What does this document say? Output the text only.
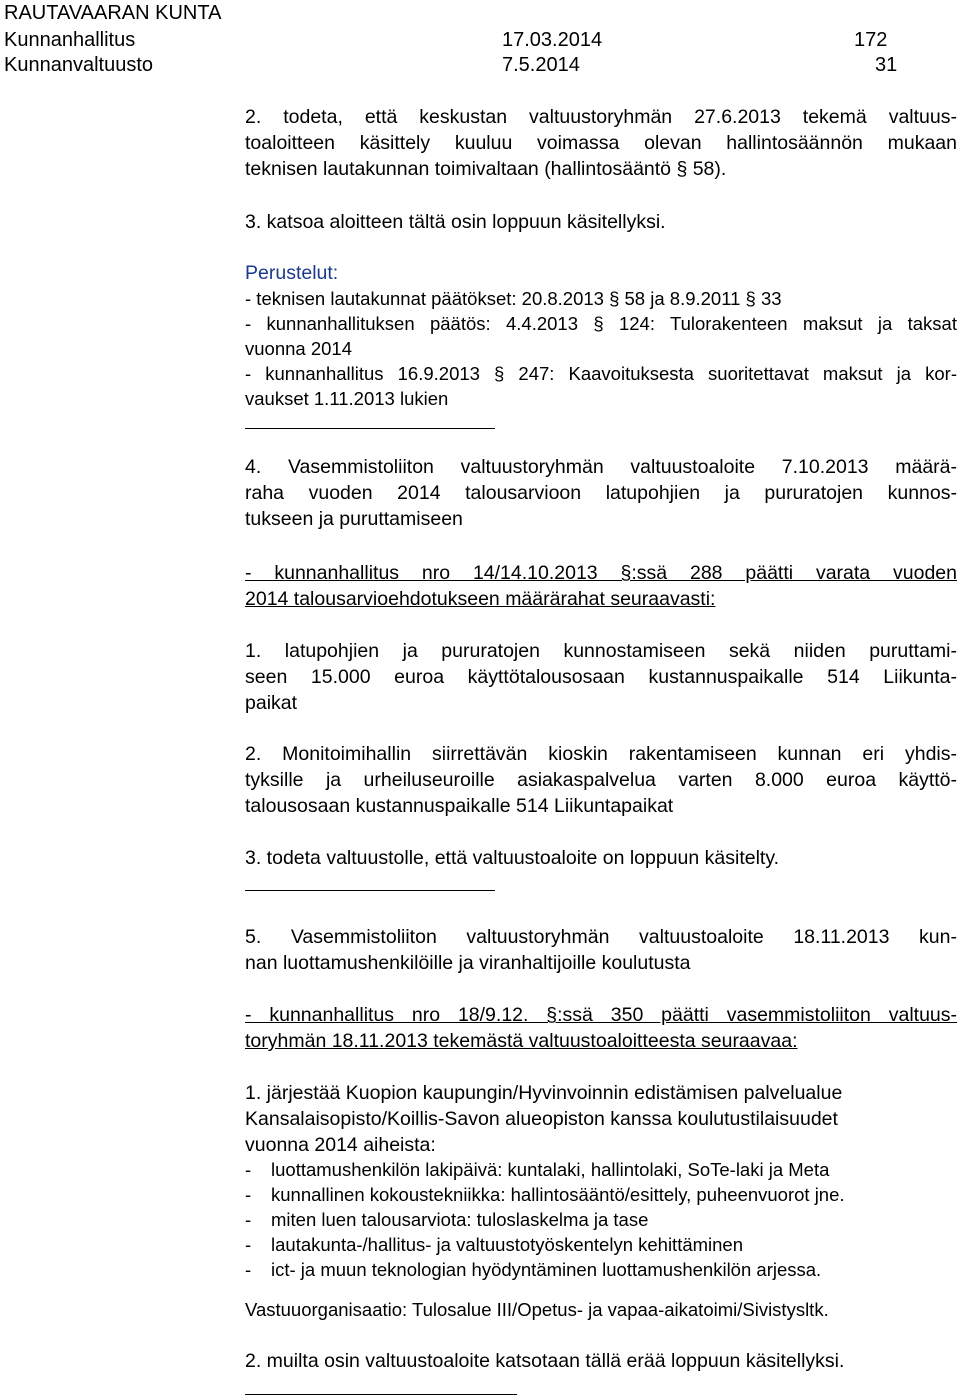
RAUTAVAARAN KUNTA
Kunnanhallitus	17.03.2014	172
Kunnanvaltuusto	7.5.2014	31
2. todeta, että keskustan valtuustoryhmän 27.6.2013 tekemä valtuus-
toaloitteen käsittely kuuluu voimassa olevan hallintosäännön mukaan
teknisen lautakunnan toimivaltaan (hallintosääntö § 58).
3. katsoa aloitteen tältä osin loppuun käsitellyksi.
Perustelut:
- teknisen lautakunnat päätökset: 20.8.2013 § 58 ja 8.9.2011 § 33
- kunnanhallituksen päätös: 4.4.2013 § 124: Tulorakenteen maksut ja taksat
vuonna 2014
- kunnanhallitus 16.9.2013 § 247: Kaavoituksesta suoritettavat maksut ja kor-
vaukset 1.11.2013 lukien
4. Vasemmistoliiton valtuustoryhmän valtuustoaloite 7.10.2013 määrä-
raha vuoden 2014 talousarvioon latupohjien ja pururatojen kunnos-
tukseen ja puruttamiseen
- kunnanhallitus nro 14/14.10.2013 §:ssä 288 päätti varata vuoden
2014 talousarvioehdotukseen määrärahat seuraavasti:
1. latupohjien ja pururatojen kunnostamiseen sekä niiden puruttami-
seen 15.000 euroa käyttötalousosaan kustannuspaikalle 514 Liikunta-
paikat
2. Monitoimihallin siirrettävän kioskin rakentamiseen kunnan eri yhdis-
tyksille ja urheiluseuroille asiakaspalvelua varten 8.000 euroa käyttö-
talousosaan kustannuspaikalle 514 Liikuntapaikat
3. todeta valtuustolle, että valtuustoaloite on loppuun käsitelty.
5. Vasemmistoliiton valtuustoryhmän valtuustoaloite 18.11.2013 kun-
nan luottamushenkilöille ja viranhaltijoille koulutusta
- kunnanhallitus nro 18/9.12. §:ssä 350 päätti vasemmistoliiton valtuus-
toryhmän 18.11.2013 tekemästä valtuustoaloitteesta seuraavaa:
1. järjestää Kuopion kaupungin/Hyvinvoinnin edistämisen palvelualue
Kansalaisopisto/Koillis-Savon alueopiston kanssa koulutustilaisuudet
vuonna 2014 aiheista:
- luottamushenkilön lakipäivä: kuntalaki, hallintolaki, SoTe-laki ja Meta
- kunnallinen kokoustekniikka: hallintosääntö/esittely, puheenvuorot jne.
- miten luen talousarviota: tuloslaskelma ja tase
- lautakunta-/hallitus- ja valtuustotyöskentelyn kehittäminen
- ict- ja muun teknologian hyödyntäminen luottamushenkilön arjessa.
Vastuuorganisaatio: Tulosalue III/Opetus- ja vapaa-aikatoimi/Sivistysltk.
2. muilta osin valtuustoaloite katsotaan tällä erää loppuun käsitellyksi.
